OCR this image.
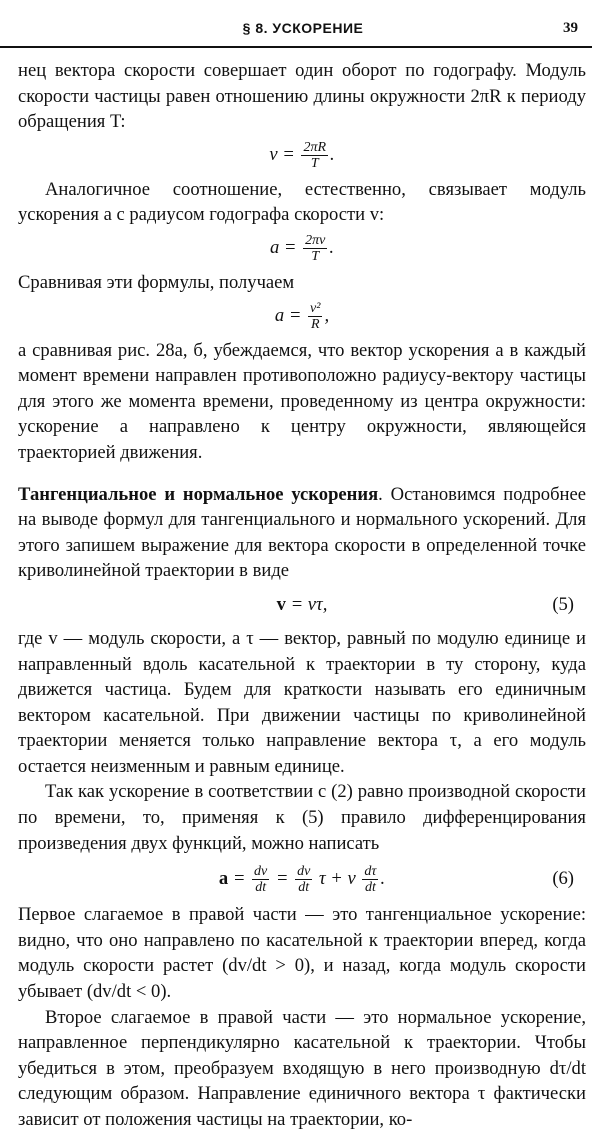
§ 8. УСКОРЕНИЕ	39

нец вектора скорости совершает один оборот по годографу. Модуль скорости частицы равен отношению длины окружности 2πR к периоду обращения T:

$v = \frac{2\pi R}{T}$ .

Аналогичное соотношение, естественно, связывает модуль ускорения a с радиусом годографа скорости v:

$a = \frac{2\pi v}{T}$ .

Сравнивая эти формулы, получаем

$a = \frac{\text{v²}}{R}$ ,

а сравнивая рис. 28а, б, убеждаемся, что вектор ускорения a в каждый момент времени направлен противоположно радиусу-вектору частицы для этого же момента времени, проведенному из центра окружности: ускорение a направлено к центру окружности, являющейся траекторией движения.

Тангенциальное и нормальное ускорения. Остановимся подробнее на выводе формул для тангенциального и нормального ускорений. Для этого запишем выражение для вектора скорости в определенной точке криволинейной траектории в виде

v = vτ,	(5)

где v — модуль скорости, а τ — вектор, равный по модулю единице и направленный вдоль касательной к траектории в ту сторону, куда движется частица. Будем для краткости называть его единичным вектором касательной. При движении частицы по криволинейной траектории меняется только направление вектора τ, а его модуль остается неизменным и равным единице.

Так как ускорение в соответствии с (2) равно производной скорости по времени, то, применяя к (5) правило дифференцирования произведения двух функций, можно написать

$a = \frac{dv}{dt} = \frac{dv}{dt}$ τ + v $\frac{d\tau}{dt}$ .	(6)

Первое слагаемое в правой части — это тангенциальное ускорение: видно, что оно направлено по касательной к траектории вперед, когда модуль скорости растет (dv/dt > 0), и назад, когда модуль скорости убывает (dv/dt < 0).

Второе слагаемое в правой части — это нормальное ускорение, направленное перпендикулярно касательной к траектории. Чтобы убедиться в этом, преобразуем входящую в него производную dτ/dt следующим образом. Направление единичного вектора τ фактически зависит от положения частицы на траектории, ко-
